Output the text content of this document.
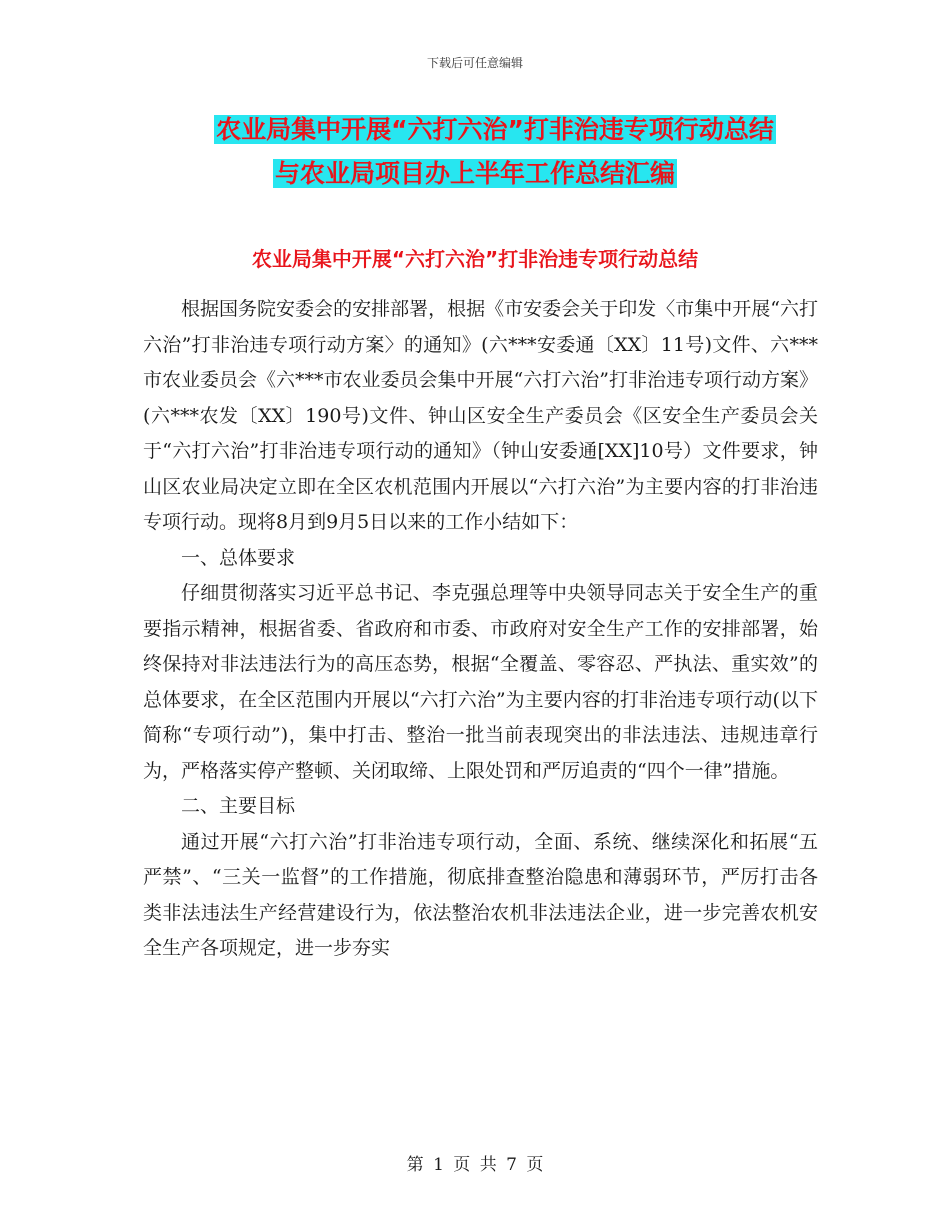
下载后可任意编辑
农业局集中开展“六打六治”打非治违专项行动总结
与农业局项目办上半年工作总结汇编
农业局集中开展“六打六治”打非治违专项行动总结

根据国务院安委会的安排部署，根据《市安委会关于印发〈市集中开展“六打六治”打非治违专项行动方案〉的通知》(六***安委通〔XX〕11号)文件、六***市农业委员会《六***市农业委员会集中开展“六打六治”打非治违专项行动方案》(六***农发〔XX〕190号)文件、钟山区安全生产委员会《区安全生产委员会关于“六打六治”打非治违专项行动的通知》（钟山安委通[XX]10号）文件要求，钟山区农业局决定立即在全区农机范围内开展以“六打六治”为主要内容的打非治违专项行动。现将8月到9月5日以来的工作小结如下：

一、总体要求

仔细贯彻落实习近平总书记、李克强总理等中央领导同志关于安全生产的重要指示精神，根据省委、省政府和市委、市政府对安全生产工作的安排部署，始终保持对非法违法行为的高压态势，根据“全覆盖、零容忍、严执法、重实效”的总体要求，在全区范围内开展以“六打六治”为主要内容的打非治违专项行动(以下简称“专项行动”)，集中打击、整治一批当前表现突出的非法违法、违规违章行为，严格落实停产整顿、关闭取缔、上限处罚和严厉追责的“四个一律”措施。

二、主要目标

通过开展“六打六治”打非治违专项行动，全面、系统、继续深化和拓展“五严禁”、“三关一监督”的工作措施，彻底排查整治隐患和薄弱环节，严厉打击各类非法违法生产经营建设行为，依法整治农机非法违法企业，进一步完善农机安全生产各项规定，进一步夯实

第 1 页 共 7 页
